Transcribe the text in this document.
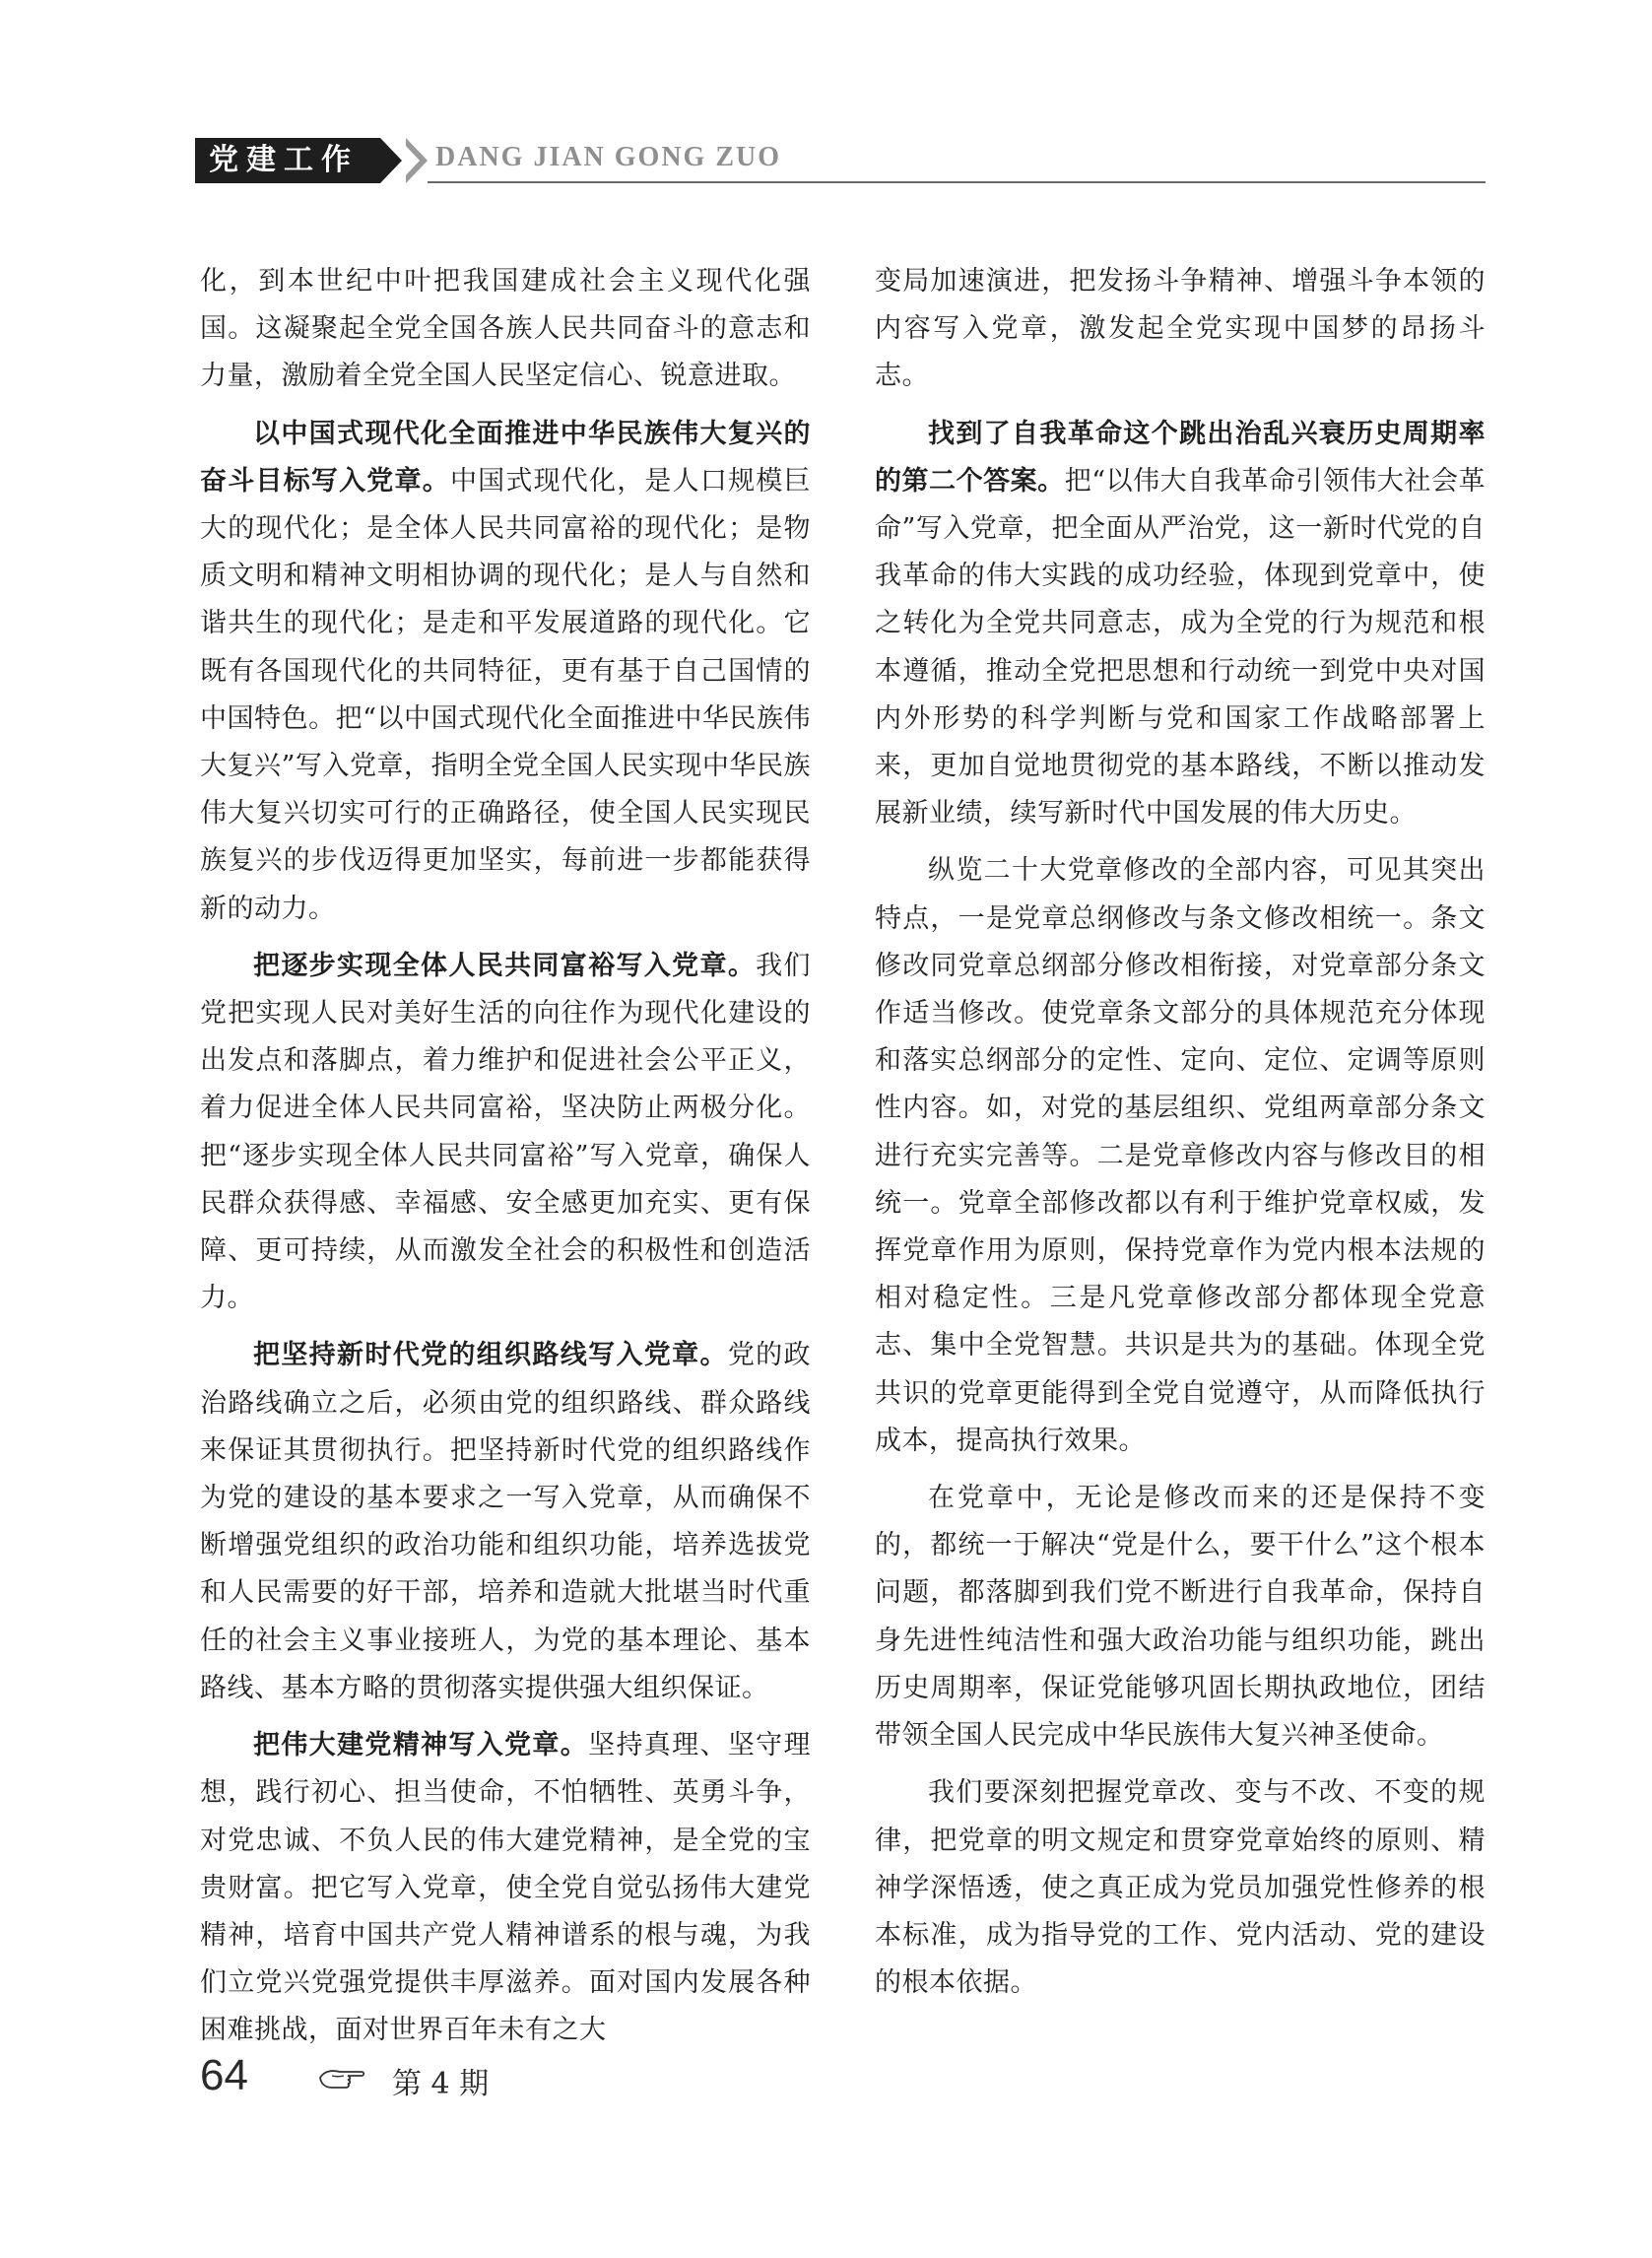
党建工作	DANG JIAN GONG ZUO

化，到本世纪中叶把我国建成社会主义现代化强国。这凝聚起全党全国各族人民共同奋斗的意志和力量，激励着全党全国人民坚定信心、锐意进取。

以中国式现代化全面推进中华民族伟大复兴的奋斗目标写入党章。中国式现代化，是人口规模巨大的现代化；是全体人民共同富裕的现代化；是物质文明和精神文明相协调的现代化；是人与自然和谐共生的现代化；是走和平发展道路的现代化。它既有各国现代化的共同特征，更有基于自己国情的中国特色。把“以中国式现代化全面推进中华民族伟大复兴”写入党章，指明全党全国人民实现中华民族伟大复兴切实可行的正确路径，使全国人民实现民族复兴的步伐迈得更加坚实，每前进一步都能获得新的动力。

把逐步实现全体人民共同富裕写入党章。我们党把实现人民对美好生活的向往作为现代化建设的出发点和落脚点，着力维护和促进社会公平正义，着力促进全体人民共同富裕，坚决防止两极分化。把“逐步实现全体人民共同富裕”写入党章，确保人民群众获得感、幸福感、安全感更加充实、更有保障、更可持续，从而激发全社会的积极性和创造活力。

把坚持新时代党的组织路线写入党章。党的政治路线确立之后，必须由党的组织路线、群众路线来保证其贯彻执行。把坚持新时代党的组织路线作为党的建设的基本要求之一写入党章，从而确保不断增强党组织的政治功能和组织功能，培养选拔党和人民需要的好干部，培养和造就大批堪当时代重任的社会主义事业接班人，为党的基本理论、基本路线、基本方略的贯彻落实提供强大组织保证。

把伟大建党精神写入党章。坚持真理、坚守理想，践行初心、担当使命，不怕牺牲、英勇斗争，对党忠诚、不负人民的伟大建党精神，是全党的宝贵财富。把它写入党章，使全党自觉弘扬伟大建党精神，培育中国共产党人精神谱系的根与魂，为我们立党兴党强党提供丰厚滋养。面对国内发展各种困难挑战，面对世界百年未有之大

变局加速演进，把发扬斗争精神、增强斗争本领的内容写入党章，激发起全党实现中国梦的昂扬斗志。

找到了自我革命这个跳出治乱兴衰历史周期率的第二个答案。把“以伟大自我革命引领伟大社会革命”写入党章，把全面从严治党，这一新时代党的自我革命的伟大实践的成功经验，体现到党章中，使之转化为全党共同意志，成为全党的行为规范和根本遵循，推动全党把思想和行动统一到党中央对国内外形势的科学判断与党和国家工作战略部署上来，更加自觉地贯彻党的基本路线，不断以推动发展新业绩，续写新时代中国发展的伟大历史。

纵览二十大党章修改的全部内容，可见其突出特点，一是党章总纲修改与条文修改相统一。条文修改同党章总纲部分修改相衔接，对党章部分条文作适当修改。使党章条文部分的具体规范充分体现和落实总纲部分的定性、定向、定位、定调等原则性内容。如，对党的基层组织、党组两章部分条文进行充实完善等。二是党章修改内容与修改目的相统一。党章全部修改都以有利于维护党章权威，发挥党章作用为原则，保持党章作为党内根本法规的相对稳定性。三是凡党章修改部分都体现全党意志、集中全党智慧。共识是共为的基础。体现全党共识的党章更能得到全党自觉遵守，从而降低执行成本，提高执行效果。

在党章中，无论是修改而来的还是保持不变的，都统一于解决“党是什么，要干什么”这个根本问题，都落脚到我们党不断进行自我革命，保持自身先进性纯洁性和强大政治功能与组织功能，跳出历史周期率，保证党能够巩固长期执政地位，团结带领全国人民完成中华民族伟大复兴神圣使命。

我们要深刻把握党章改、变与不改、不变的规律，把党章的明文规定和贯穿党章始终的原则、精神学深悟透，使之真正成为党员加强党性修养的根本标准，成为指导党的工作、党内活动、党的建设的根本依据。

64	第 4 期
